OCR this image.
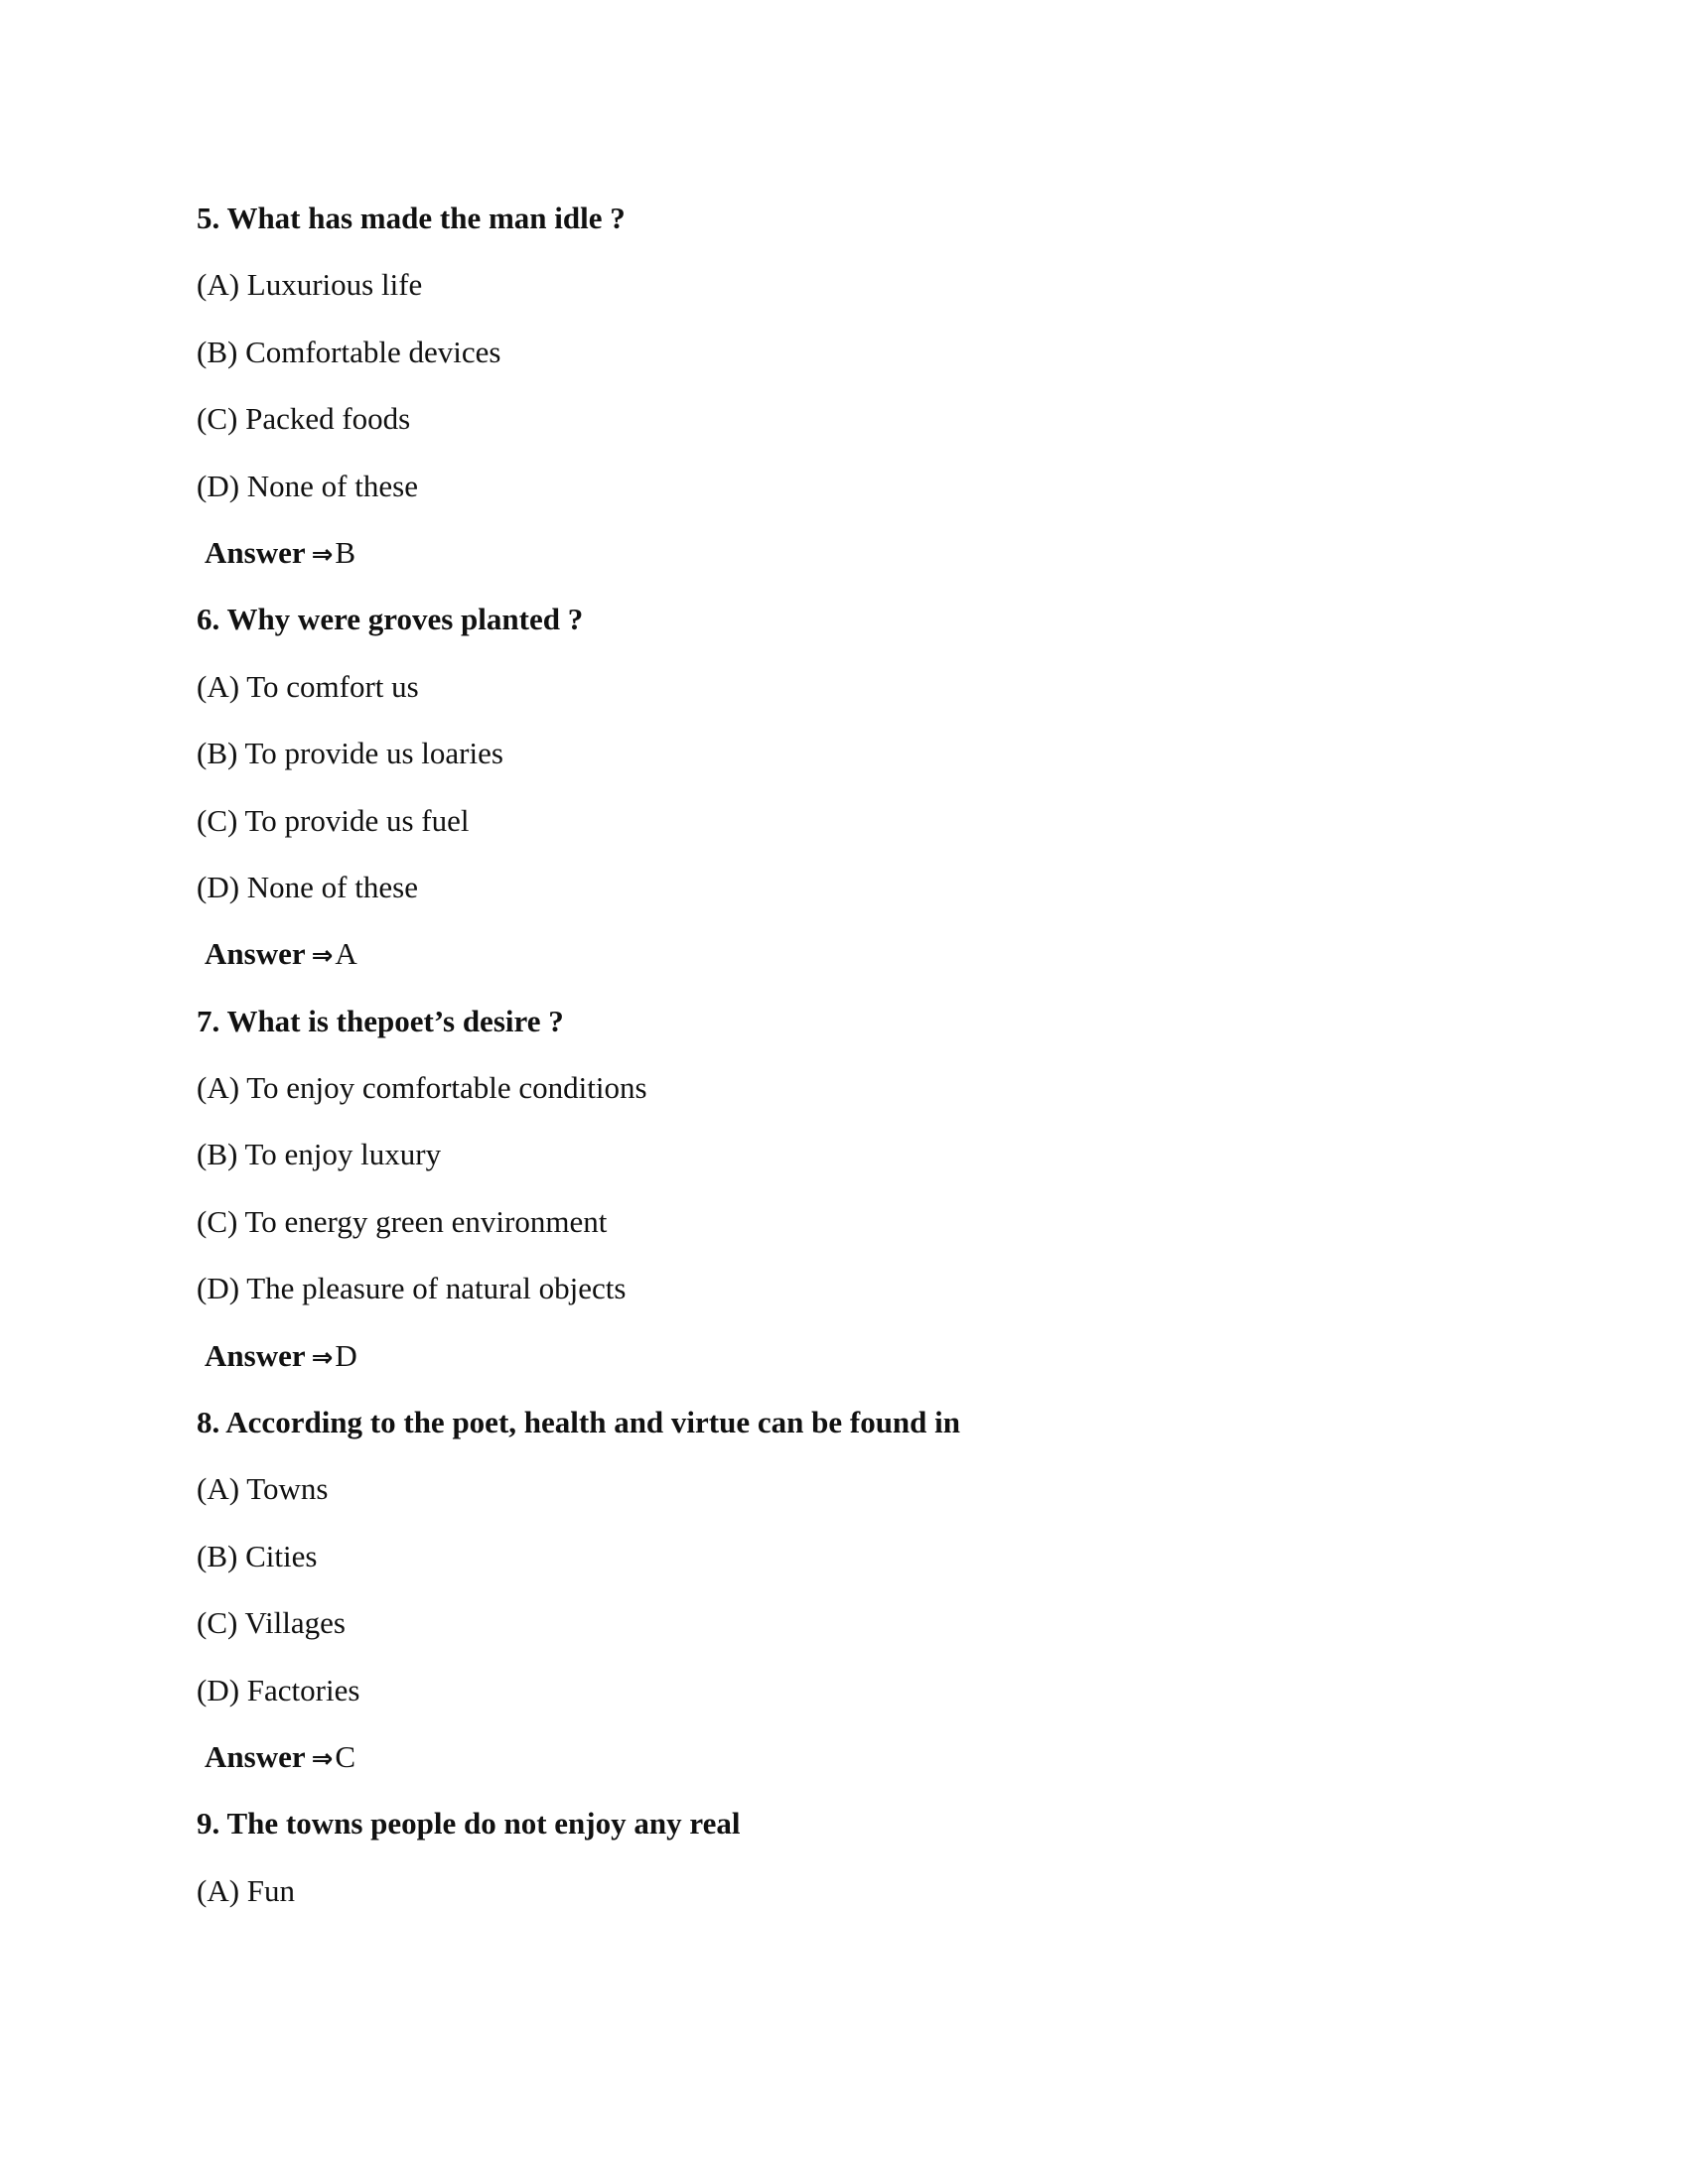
5. What has made the man idle ?
(A) Luxurious life
(B) Comfortable devices
(C) Packed foods
(D) None of these
Answer ⇒B
6. Why were groves planted ?
(A) To comfort us
(B) To provide us loaries
(C) To provide us fuel
(D) None of these
Answer ⇒A
7. What is thepoet’s desire ?
(A) To enjoy comfortable conditions
(B) To enjoy luxury
(C) To energy green environment
(D) The pleasure of natural objects
Answer ⇒D
8. According to the poet, health and virtue can be found in
(A) Towns
(B) Cities
(C) Villages
(D) Factories
Answer ⇒C
9. The towns people do not enjoy any real
(A) Fun
